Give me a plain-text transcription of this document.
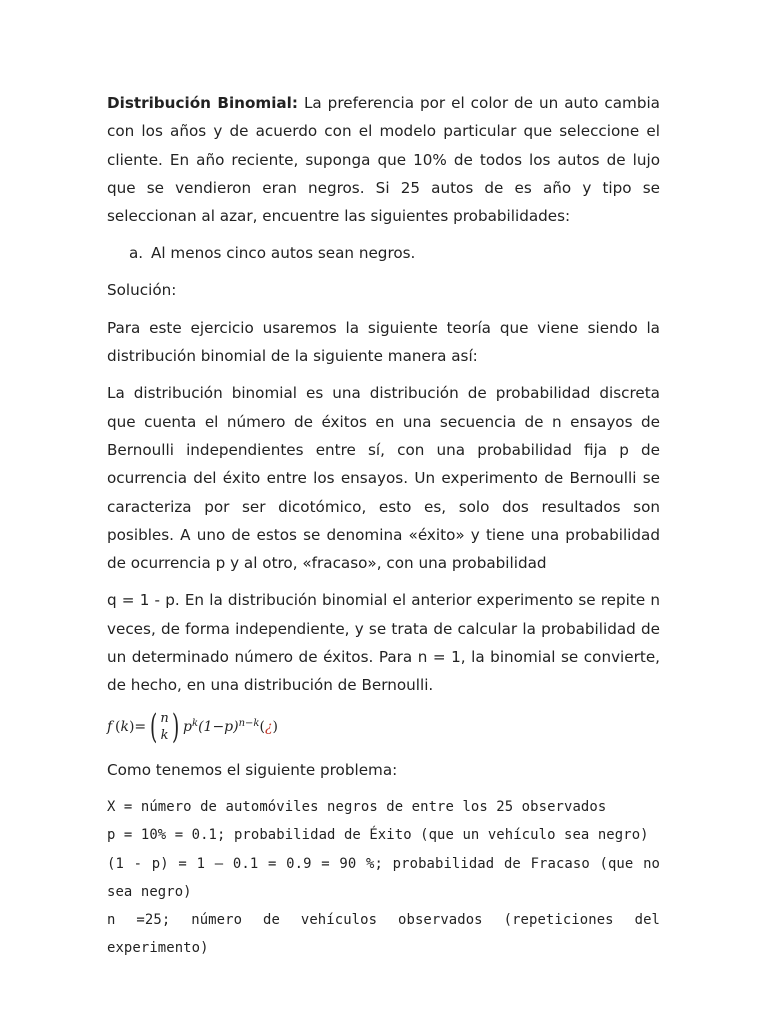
Distribución Binomial: La preferencia por el color de un auto cambia con los años y de acuerdo con el modelo particular que seleccione el cliente. En año reciente, suponga que 10% de todos los autos de lujo que se vendieron eran negros. Si 25 autos de es año y tipo se seleccionan al azar, encuentre las siguientes probabilidades:

a. Al menos cinco autos sean negros.

Solución:

Para este ejercicio usaremos la siguiente teoría que viene siendo la distribución binomial de la siguiente manera así:

La distribución binomial es una distribución de probabilidad discreta que cuenta el número de éxitos en una secuencia de n ensayos de Bernoulli independientes entre sí, con una probabilidad fija p de ocurrencia del éxito entre los ensayos. Un experimento de Bernoulli se caracteriza por ser dicotómico, esto es, solo dos resultados son posibles. A uno de estos se denomina «éxito» y tiene una probabilidad de ocurrencia p y al otro, «fracaso», con una probabilidad

q = 1 - p. En la distribución binomial el anterior experimento se repite n veces, de forma independiente, y se trata de calcular la probabilidad de un determinado número de éxitos. Para n = 1, la binomial se convierte, de hecho, en una distribución de Bernoulli.

f  ( k ) = ( n
k ) $p^k$ $(1-p)^{n-k}$ ( ¿ )

Como tenemos el siguiente problema:

X = número de automóviles negros de entre los 25 observados

p = 10% = 0.1; probabilidad de Éxito (que un vehículo sea negro)

(1 - p) = 1 – 0.1 = 0.9 = 90 %; probabilidad de Fracaso (que no sea negro)

n =25; número de vehículos observados (repeticiones del experimento)
